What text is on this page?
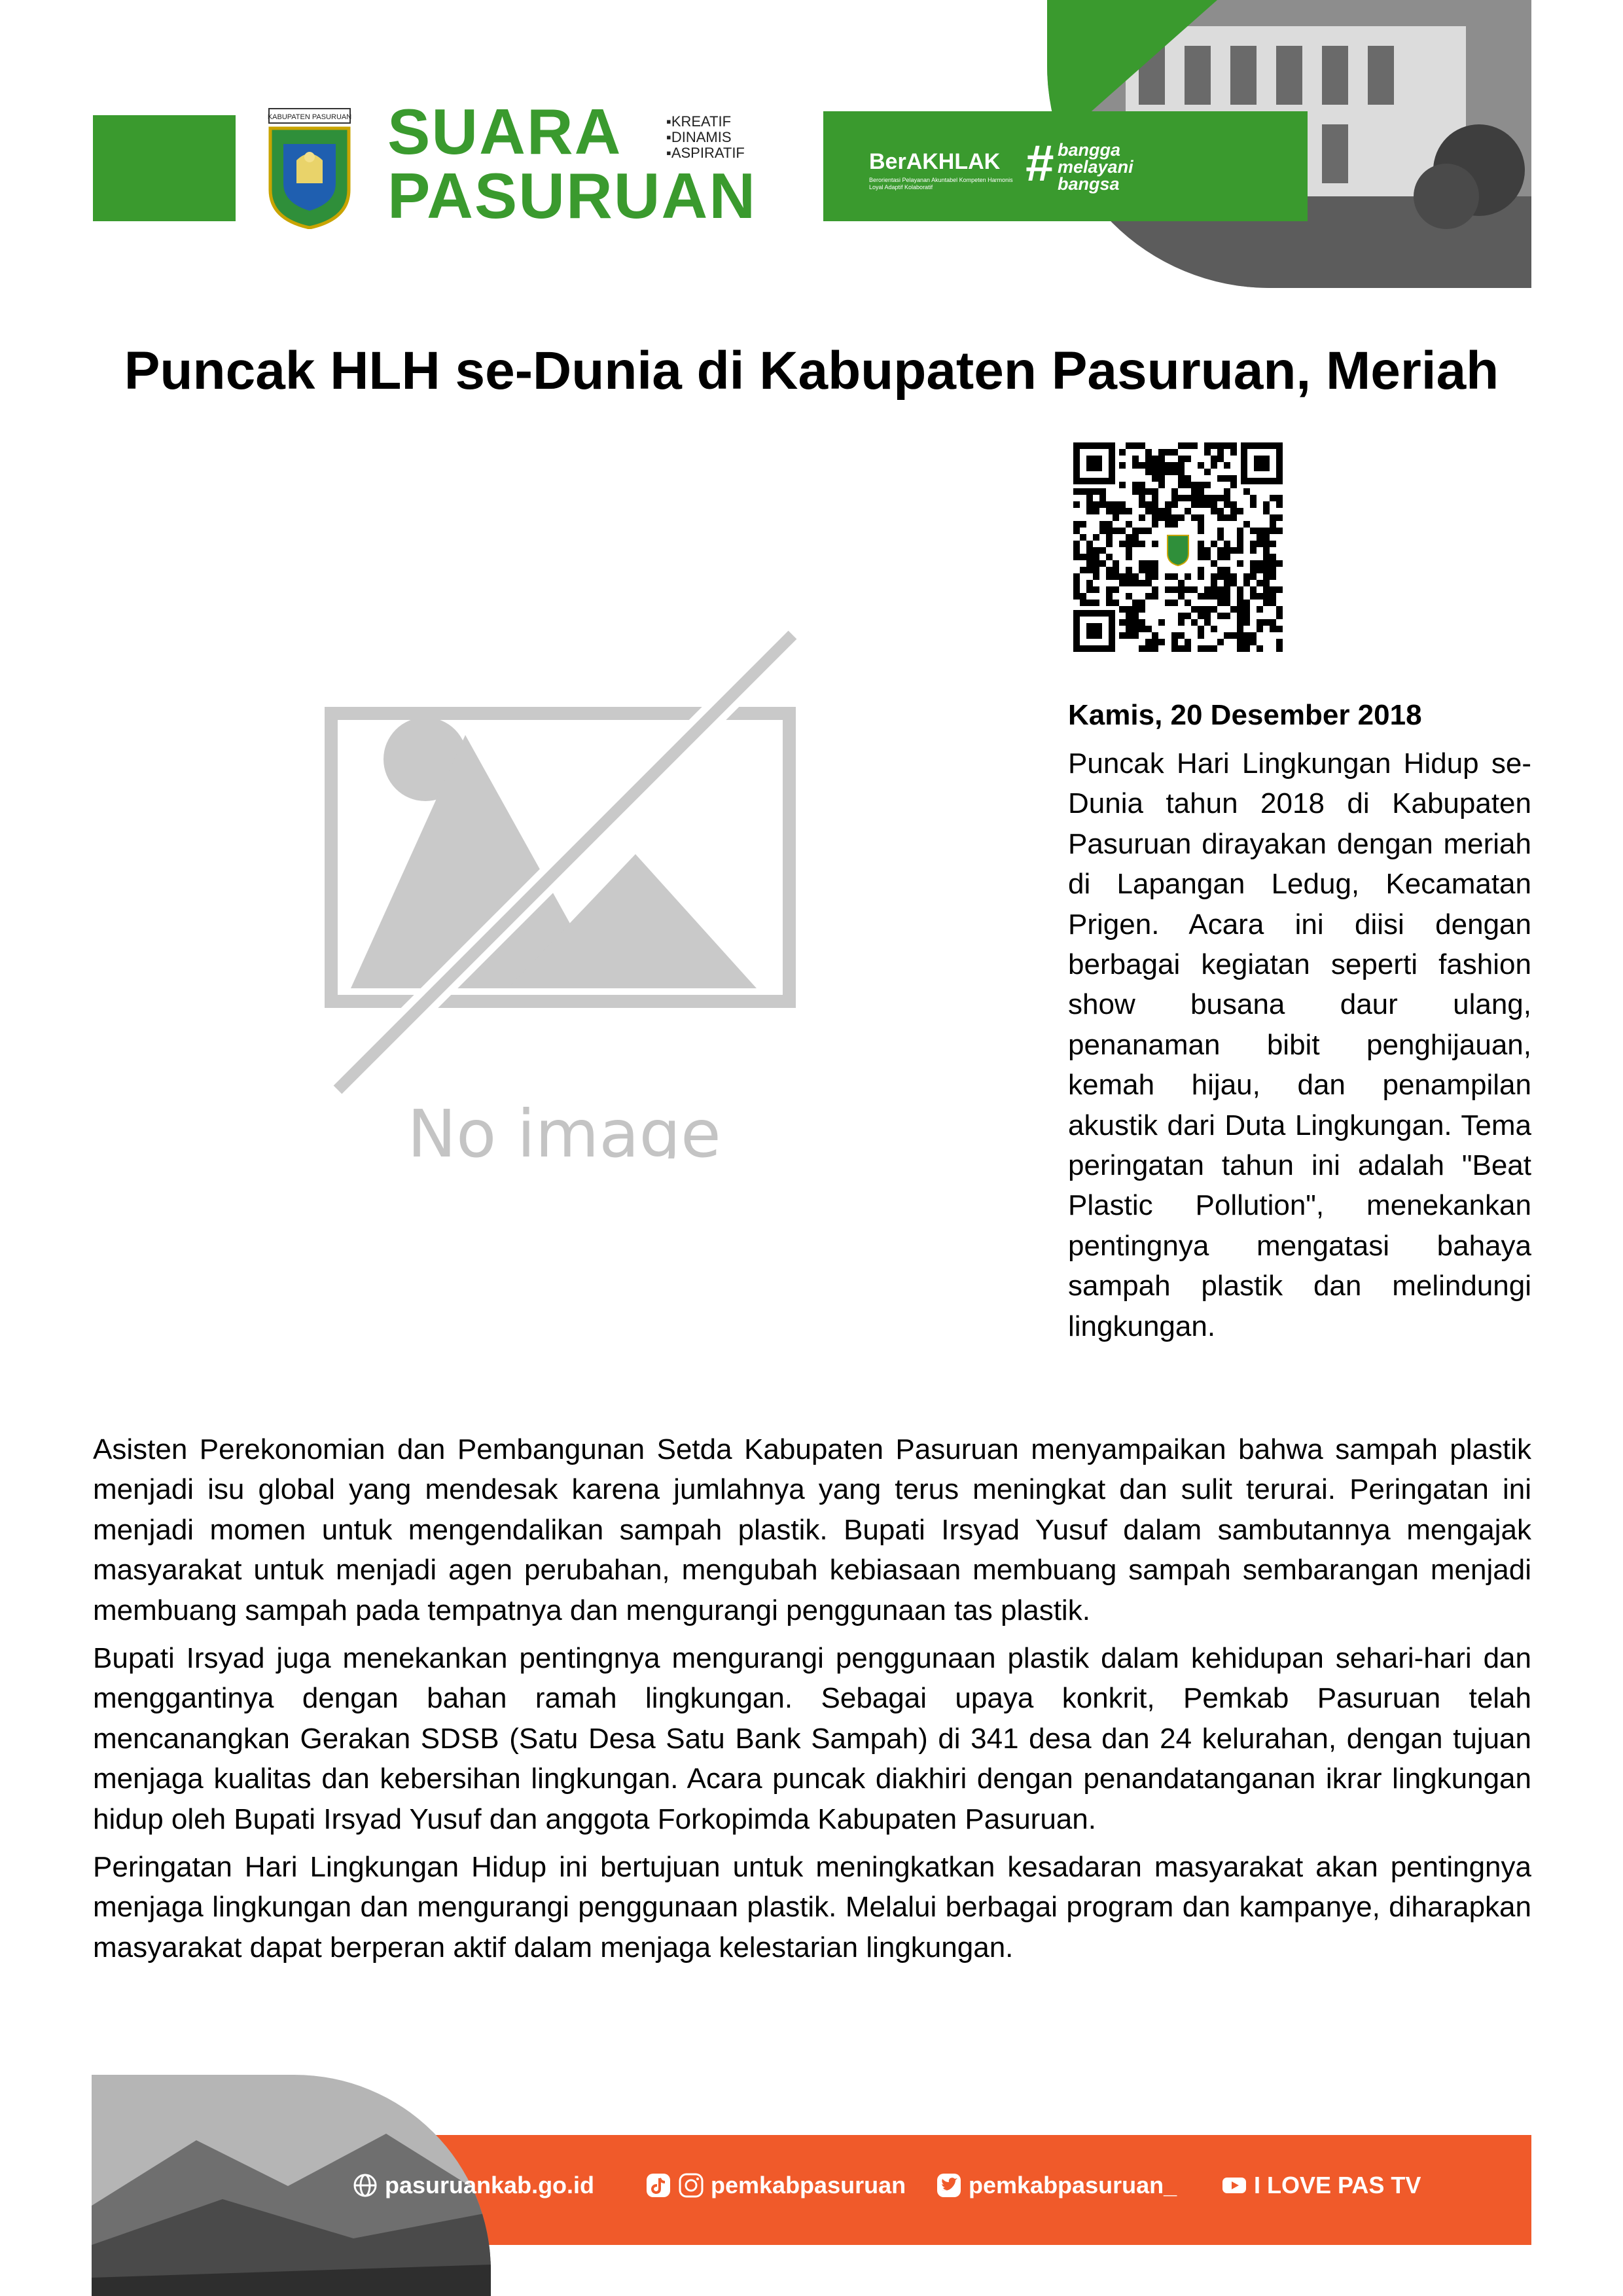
KABUPATEN PASURUAN SUARA
PASURUAN
▪ KREATIF
▪ DINAMIS
▪ ASPIRATIF	BerAKHLAK
Berorientasi Pelayanan Akuntabel Kompeten Harmonis Loyal Adaptif Kolaboratif	# bangga
melayani
bangsa
Puncak HLH se-Dunia di Kabupaten Pasuruan, Meriah
No image
Kamis, 20 Desember 2018
Puncak Hari Lingkungan Hidup se-Dunia tahun 2018 di Kabupaten Pasuruan dirayakan dengan meriah di Lapangan Ledug, Kecamatan Prigen. Acara ini diisi dengan berbagai kegiatan seperti fashion show busana daur ulang, penanaman bibit penghijauan, kemah hijau, dan penampilan akustik dari Duta Lingkungan. Tema peringatan tahun ini adalah "Beat Plastic Pollution", menekankan pentingnya mengatasi bahaya sampah plastik dan melindungi lingkungan.

Asisten Perekonomian dan Pembangunan Setda Kabupaten Pasuruan menyampaikan bahwa sampah plastik menjadi isu global yang mendesak karena jumlahnya yang terus meningkat dan sulit terurai. Peringatan ini menjadi momen untuk mengendalikan sampah plastik. Bupati Irsyad Yusuf dalam sambutannya mengajak masyarakat untuk menjadi agen perubahan, mengubah kebiasaan membuang sampah sembarangan menjadi membuang sampah pada tempatnya dan mengurangi penggunaan tas plastik.

Bupati Irsyad juga menekankan pentingnya mengurangi penggunaan plastik dalam kehidupan sehari-hari dan menggantinya dengan bahan ramah lingkungan. Sebagai upaya konkrit, Pemkab Pasuruan telah mencanangkan Gerakan SDSB (Satu Desa Satu Bank Sampah) di 341 desa dan 24 kelurahan, dengan tujuan menjaga kualitas dan kebersihan lingkungan. Acara puncak diakhiri dengan penandatanganan ikrar lingkungan hidup oleh Bupati Irsyad Yusuf dan anggota Forkopimda Kabupaten Pasuruan.

Peringatan Hari Lingkungan Hidup ini bertujuan untuk meningkatkan kesadaran masyarakat akan pentingnya menjaga lingkungan dan mengurangi penggunaan plastik. Melalui berbagai program dan kampanye, diharapkan masyarakat dapat berperan aktif dalam menjaga kelestarian lingkungan.

pasuruankab.go.id	pemkabpasuruan	pemkabpasuruan_	I LOVE PAS TV
